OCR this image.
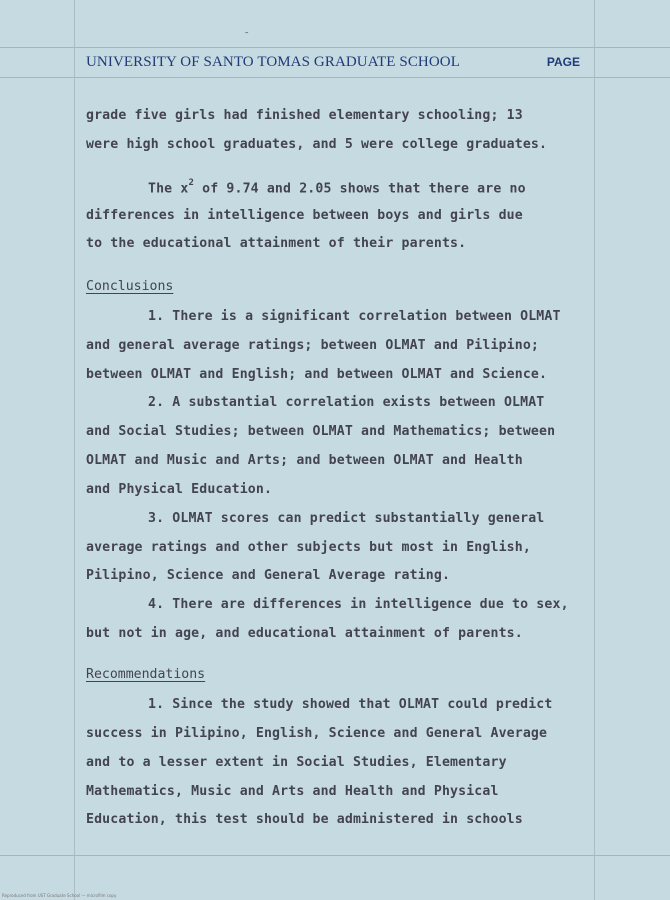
˜
UNIVERSITY OF SANTO TOMAS GRADUATE SCHOOL	PAGE
grade five girls had finished elementary schooling; 13
were high school graduates, and 5 were college graduates.
The $x^2$ of 9.74 and 2.05 shows that there are no
differences in intelligence between boys and girls due
to the educational attainment of their parents.
Conclusions
1. There is a significant correlation between OLMAT
and general average ratings; between OLMAT and Pilipino;
between OLMAT and English; and between OLMAT and Science.
2. A substantial correlation exists between OLMAT
and Social Studies; between OLMAT and Mathematics; between
OLMAT and Music and Arts; and between OLMAT and Health
and Physical Education.
3. OLMAT scores can predict substantially general
average ratings and other subjects but most in English,
Pilipino, Science and General Average rating.
4. There are differences in intelligence due to sex,
but not in age, and educational attainment of parents.
Recommendations
1. Since the study showed that OLMAT could predict
success in Pilipino, English, Science and General Average
and to a lesser extent in Social Studies, Elementary
Mathematics, Music and Arts and Health and Physical
Education, this test should be administered in schools
Reproduced from UST Graduate School — microfilm copy
